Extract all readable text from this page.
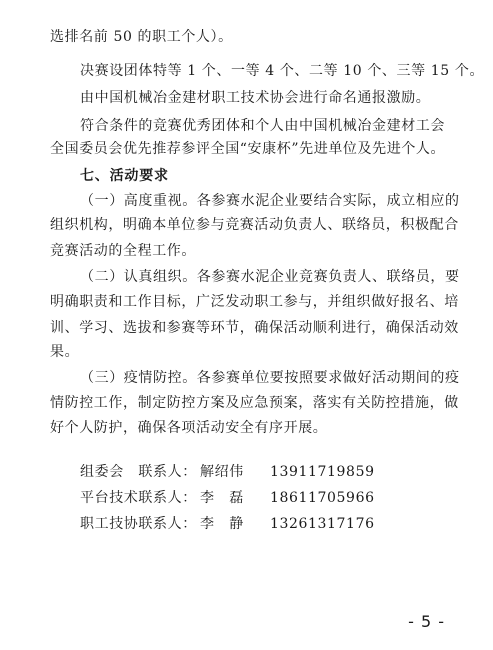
选排名前 50 的职工个人）。
决赛设团体特等 1 个、一等 4 个、二等 10 个、三等 15 个。
由中国机械冶金建材职工技术协会进行命名通报激励。
符合条件的竞赛优秀团体和个人由中国机械冶金建材工会
全国委员会优先推荐参评全国“安康杯”先进单位及先进个人。
七、活动要求
（一）高度重视。各参赛水泥企业要结合实际，成立相应的
组织机构，明确本单位参与竞赛活动负责人、联络员，积极配合
竞赛活动的全程工作。
（二）认真组织。各参赛水泥企业竞赛负责人、联络员，要
明确职责和工作目标，广泛发动职工参与，并组织做好报名、培
训、学习、选拔和参赛等环节，确保活动顺利进行，确保活动效
果。
（三）疫情防控。各参赛单位要按照要求做好活动期间的疫
情防控工作，制定防控方案及应急预案，落实有关防控措施，做
好个人防护，确保各项活动安全有序开展。
组委会　联系人： 解绍伟 13911719859
平台技术联系人： 李　磊 18611705966
职工技协联系人： 李　静 13261317176
- 5 -
